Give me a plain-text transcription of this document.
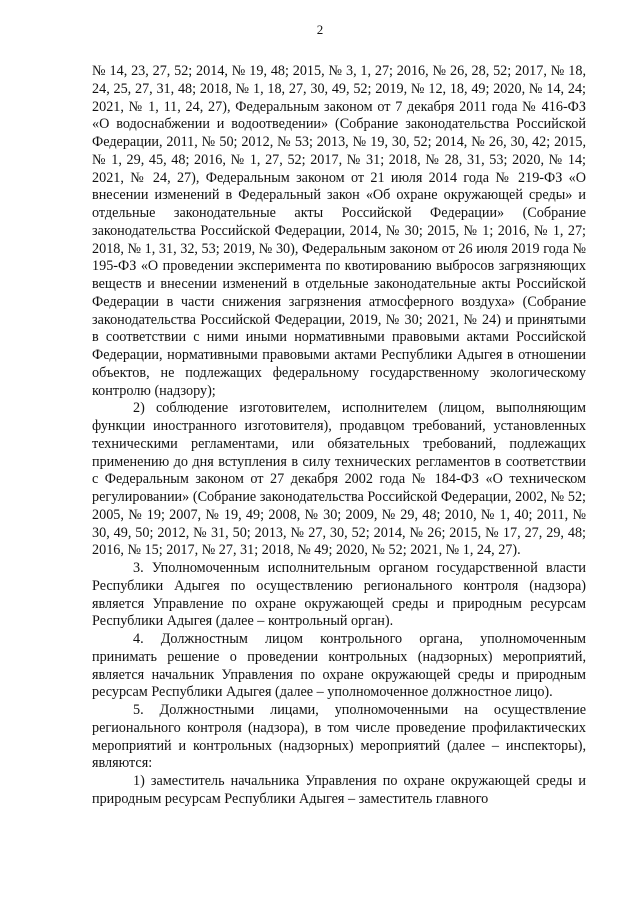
2

№ 14, 23, 27, 52; 2014, № 19, 48; 2015, № 3, 1, 27; 2016, № 26, 28, 52; 2017, № 18, 24, 25, 27, 31, 48; 2018, № 1, 18, 27, 30, 49, 52; 2019, № 12, 18, 49; 2020, № 14, 24; 2021, № 1, 11, 24, 27), Федеральным законом от 7 декабря 2011 года № 416-ФЗ «О водоснабжении и водоотведении» (Собрание законодательства Российской Федерации, 2011, № 50; 2012, № 53; 2013, № 19, 30, 52; 2014, № 26, 30, 42; 2015, № 1, 29, 45, 48; 2016, № 1, 27, 52; 2017, № 31; 2018, № 28, 31, 53; 2020, № 14; 2021, № 24, 27), Федеральным законом от 21 июля 2014 года № 219-ФЗ «О внесении изменений в Федеральный закон «Об охране окружающей среды» и отдельные законодательные акты Российской Федерации» (Собрание законодательства Российской Федерации, 2014, № 30; 2015, № 1; 2016, № 1, 27; 2018, № 1, 31, 32, 53; 2019, № 30), Федеральным законом от 26 июля 2019 года № 195-ФЗ «О проведении эксперимента по квотированию выбросов загрязняющих веществ и внесении изменений в отдельные законодательные акты Российской Федерации в части снижения загрязнения атмосферного воздуха» (Собрание законодательства Российской Федерации, 2019, № 30; 2021, № 24) и принятыми в соответствии с ними иными нормативными правовыми актами Российской Федерации, нормативными правовыми актами Республики Адыгея в отношении объектов, не подлежащих федеральному государственному экологическому контролю (надзору);

2) соблюдение изготовителем, исполнителем (лицом, выполняющим функции иностранного изготовителя), продавцом требований, установленных техническими регламентами, или обязательных требований, подлежащих применению до дня вступления в силу технических регламентов в соответствии с Федеральным законом от 27 декабря 2002 года № 184-ФЗ «О техническом регулировании» (Собрание законодательства Российской Федерации, 2002, № 52; 2005, № 19; 2007, № 19, 49; 2008, № 30; 2009, № 29, 48; 2010, № 1, 40; 2011, № 30, 49, 50; 2012, № 31, 50; 2013, № 27, 30, 52; 2014, № 26; 2015, № 17, 27, 29, 48; 2016, № 15; 2017, № 27, 31; 2018, № 49; 2020, № 52; 2021, № 1, 24, 27).

3. Уполномоченным исполнительным органом государственной власти Республики Адыгея по осуществлению регионального контроля (надзора) является Управление по охране окружающей среды и природным ресурсам Республики Адыгея (далее – контрольный орган).

4. Должностным лицом контрольного органа, уполномоченным принимать решение о проведении контрольных (надзорных) мероприятий, является начальник Управления по охране окружающей среды и природным ресурсам Республики Адыгея (далее – уполномоченное должностное лицо).

5. Должностными лицами, уполномоченными на осуществление регионального контроля (надзора), в том числе проведение профилактических мероприятий и контрольных (надзорных) мероприятий (далее – инспекторы), являются:

1) заместитель начальника Управления по охране окружающей среды и природным ресурсам Республики Адыгея – заместитель главного
